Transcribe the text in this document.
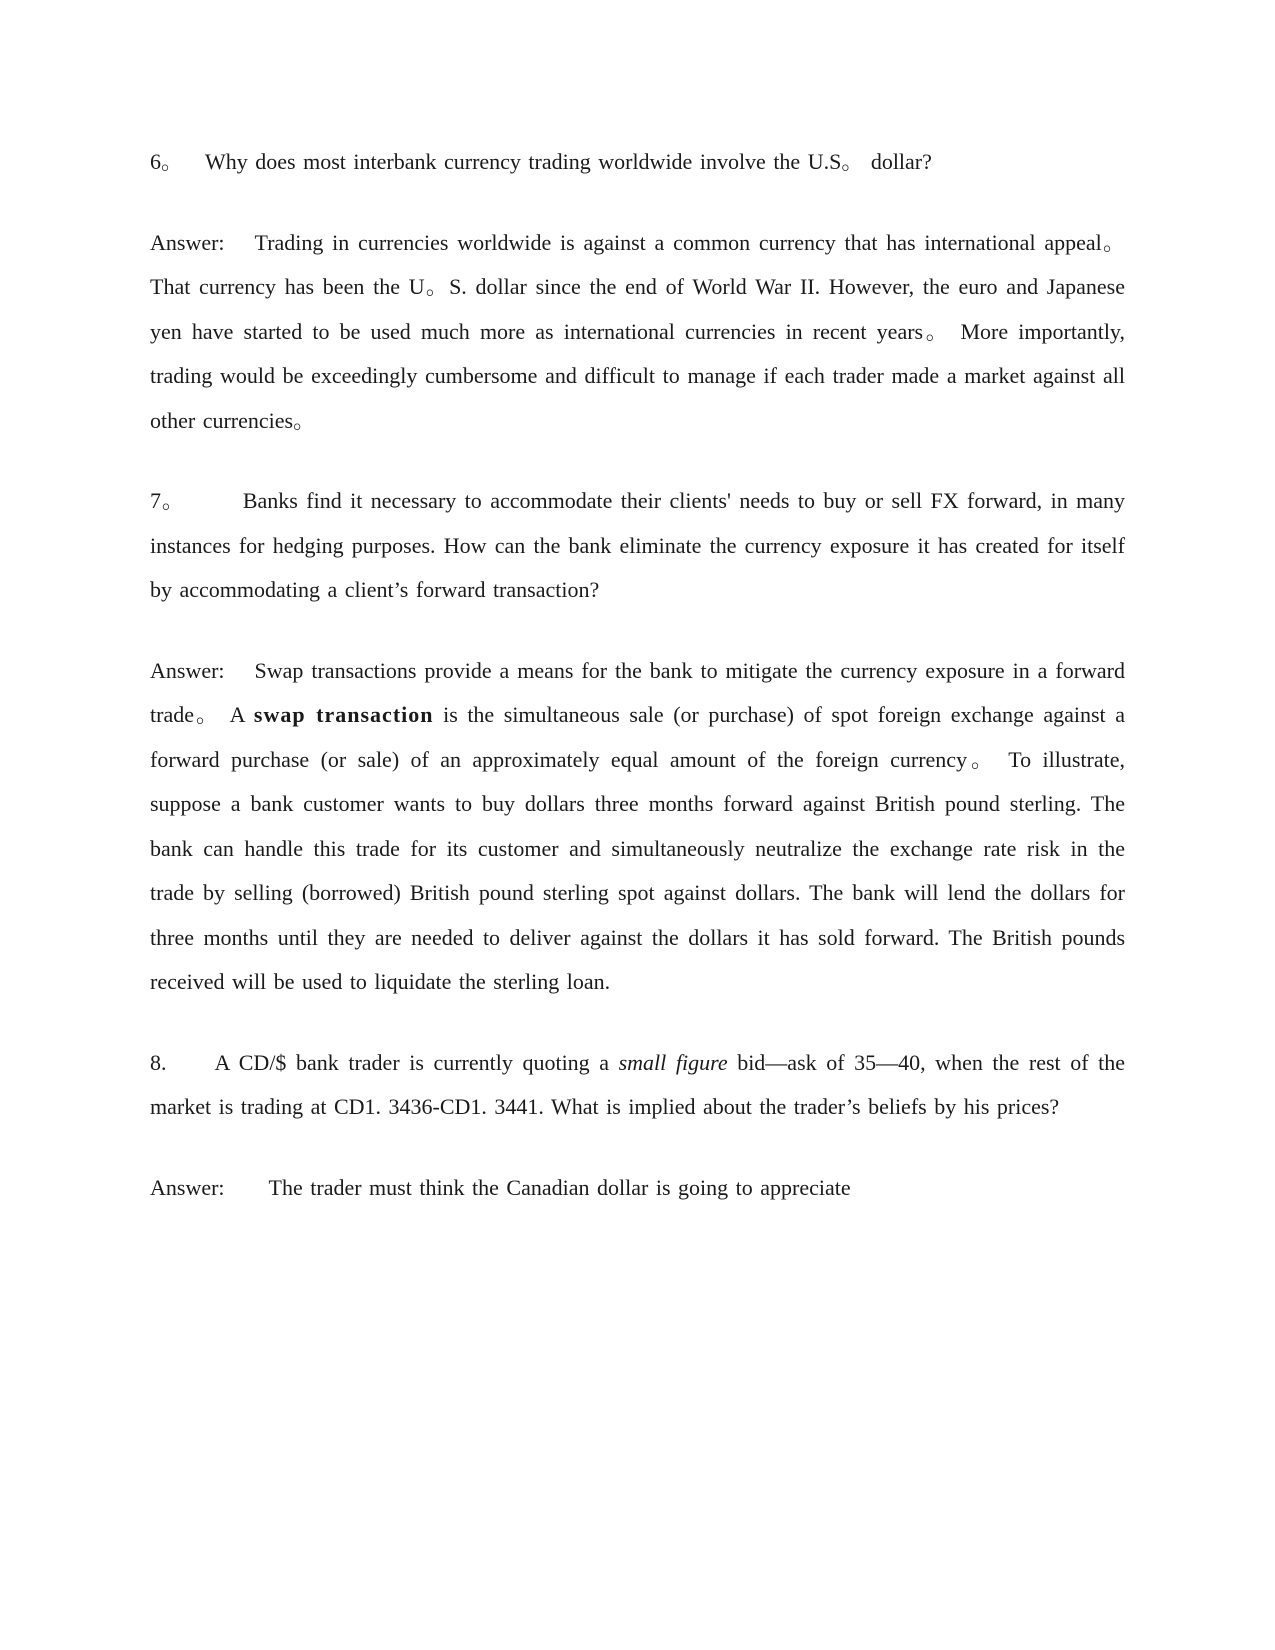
6。 Why does most interbank currency trading worldwide involve the U.S。 dollar?

Answer: Trading in currencies worldwide is against a common currency that has international appeal。 That currency has been the U。S. dollar since the end of World War II. However, the euro and Japanese yen have started to be used much more as international currencies in recent years。 More importantly, trading would be exceedingly cumbersome and difficult to manage if each trader made a market against all other currencies。

7。	Banks find it necessary to accommodate their clients' needs to buy or sell FX forward, in many instances for hedging purposes. How can the bank eliminate the currency exposure it has created for itself by accommodating a client’s forward transaction?

Answer: Swap transactions provide a means for the bank to mitigate the currency exposure in a forward trade。 A swap transaction is the simultaneous sale (or purchase) of spot foreign exchange against a forward purchase (or sale) of an approximately equal amount of the foreign currency。 To illustrate, suppose a bank customer wants to buy dollars three months forward against British pound sterling. The bank can handle this trade for its customer and simultaneously neutralize the exchange rate risk in the trade by selling (borrowed) British pound sterling spot against dollars. The bank will lend the dollars for three months until they are needed to deliver against the dollars it has sold forward. The British pounds received will be used to liquidate the sterling loan.

8. A CD/$ bank trader is currently quoting a small figure bid—ask of 35—40, when the rest of the market is trading at CD1. 3436-CD1. 3441. What is implied about the trader’s beliefs by his prices?

Answer: The trader must think the Canadian dollar is going to appreciate
